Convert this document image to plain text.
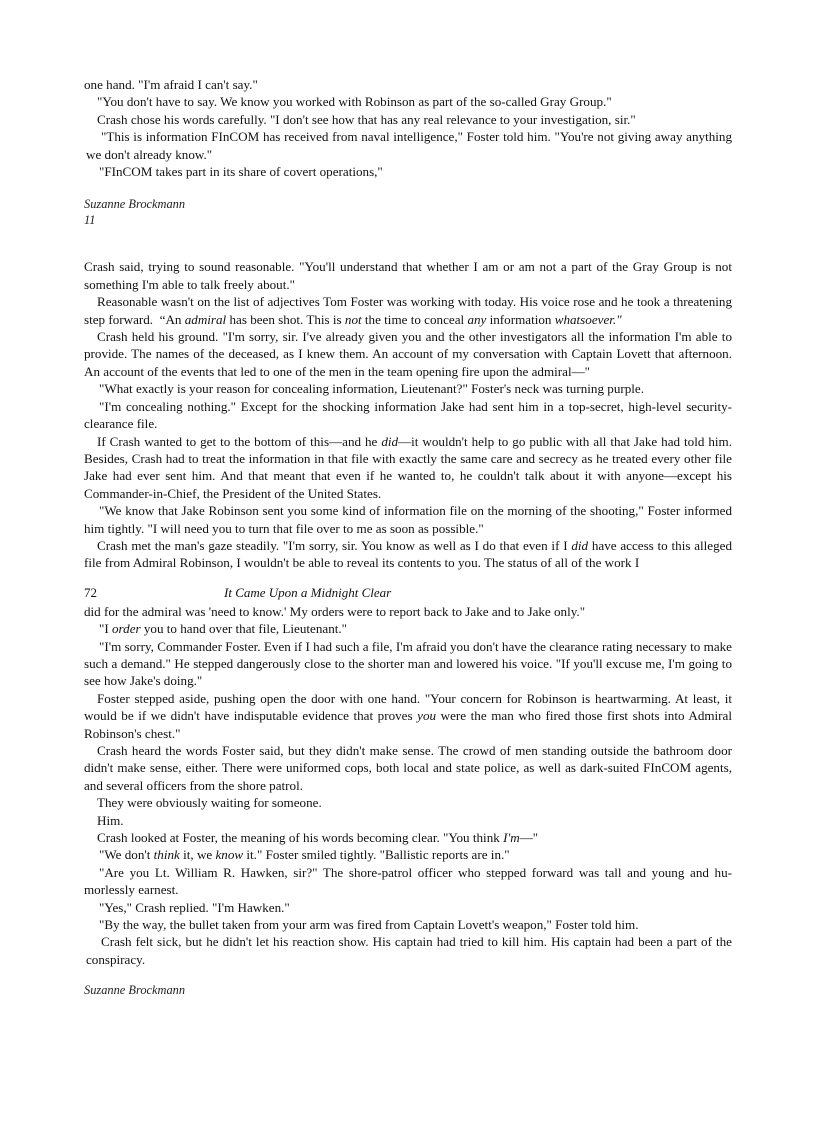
one hand. "I'm afraid I can't say."

"You don't have to say. We know you worked with Robinson as part of the so-called Gray Group."

Crash chose his words carefully. "I don't see how that has any real relevance to your investigation, sir."

"This is information FInCOM has received from naval intelligence," Foster told him. "You're not giving away anything we don't already know."

"FInCOM takes part in its share of covert operations,"

Suzanne Brockmann

11

Crash said, trying to sound reasonable. "You'll understand that whether I am or am not a part of the Gray Group is not something I'm able to talk freely about."

Reasonable wasn't on the list of adjectives Tom Foster was working with today. His voice rose and he took a threatening step forward.  “An admiral has been shot. This is not the time to conceal any information whatsoever."

Crash held his ground. "I'm sorry, sir. I've already given you and the other investigators all the information I'm able to provide. The names of the deceased, as I knew them. An account of my conversation with Captain Lovett that afternoon. An account of the events that led to one of the men in the team opening fire upon the admiral—"

"What exactly is your reason for concealing information, Lieutenant?" Foster's neck was turning purple.

"I'm concealing nothing." Except for the shocking information Jake had sent him in a top-secret, high-level security-clearance file.

If Crash wanted to get to the bottom of this—and he did—it wouldn't help to go public with all that Jake had told him. Besides, Crash had to treat the information in that file with exactly the same care and secrecy as he treated every other file Jake had ever sent him. And that meant that even if he wanted to, he couldn't talk about it with anyone—except his Commander-in-Chief, the President of the United States.

"We know that Jake Robinson sent you some kind of information file on the morning of the shooting," Foster informed him tightly. "I will need you to turn that file over to me as soon as possible."

Crash met the man's gaze steadily. "I'm sorry, sir. You know as well as I do that even if I did have access to this alleged file from Admiral Robinson, I wouldn't be able to reveal its contents to you. The status of all of the work I

72	It Came Upon a Midnight Clear

did for the admiral was 'need to know.' My orders were to report back to Jake and to Jake only."

"I order you to hand over that file, Lieutenant."

"I'm sorry, Commander Foster. Even if I had such a file, I'm afraid you don't have the clearance rating necessary to make such a demand." He stepped dangerously close to the shorter man and lowered his voice. "If you'll excuse me, I'm going to see how Jake's doing."

Foster stepped aside, pushing open the door with one hand. "Your concern for Robinson is heartwarming. At least, it would be if we didn't have indisputable evidence that proves you were the man who fired those first shots into Admiral Robinson's chest."

Crash heard the words Foster said, but they didn't make sense. The crowd of men standing outside the bathroom door didn't make sense, either. There were uniformed cops, both local and state police, as well as dark-suited FInCOM agents, and several officers from the shore patrol.

They were obviously waiting for someone.

Him.

Crash looked at Foster, the meaning of his words becoming clear. "You think I'm—"

"We don't think it, we know it." Foster smiled tightly. "Ballistic reports are in."

"Are you Lt. William R. Hawken, sir?" The shore-patrol officer who stepped forward was tall and young and hu-morlessly earnest.

"Yes," Crash replied. "I'm Hawken."

"By the way, the bullet taken from your arm was fired from Captain Lovett's weapon," Foster told him.

Crash felt sick, but he didn't let his reaction show. His captain had tried to kill him. His captain had been a part of the conspiracy.

Suzanne Brockmann
